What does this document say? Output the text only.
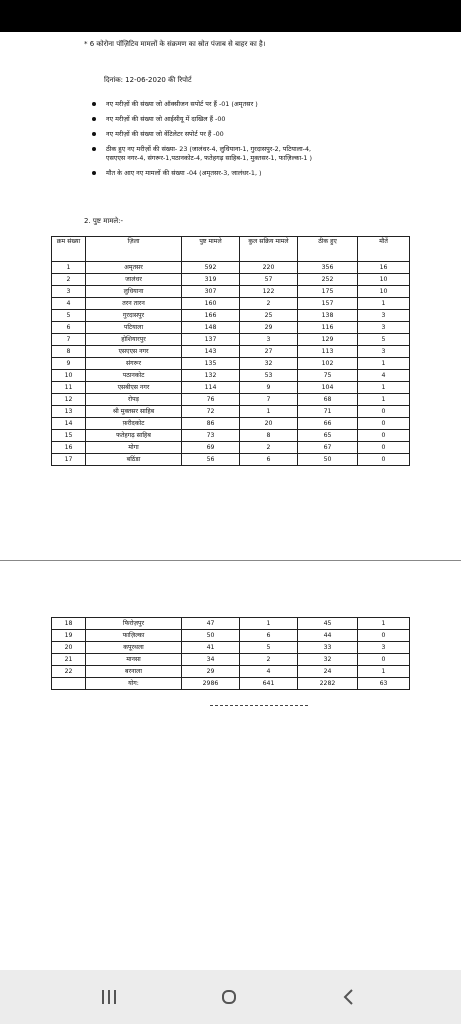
* 6 कोरोना पॉज़िटिव मामलों के संक्रमण का स्रोत पंजाब से बाहर का है।
दिनांक: 12-06-2020 की रिपोर्ट
नए मरीज़ों की संख्या जो ऑक्सीजन सपोर्ट पर हैं -01 (अमृतसर )
नए मरीज़ों की संख्या जो आईसीयू में दाखिल हैं -00
नए मरीज़ों की संख्या जो वेंटिलेटर सपोर्ट पर हैं -00
ठीक हुए नए मरीज़ों की संख्या- 23 (जालंधर-4, लुधियाना-1, गुरदासपुर-2, पटियाला-4,
एसएएस नगर-4, संगरूर-1,पठानकोट-4, फतेहगढ़ साहिब-1, मुक्तसर-1, फाज़िल्का-1 )
मौत के आए नए मामलों की संख्या -04 (अमृतसर-3, जालंधर-1, )
2. पुष्ट मामले:-
क्रम संख्या	ज़िला	पुष्ट मामले	कुल सक्रिय मामले	ठीक हुए	मौतें
1	अमृतसर	592	220	356	16
2	जालंधर	319	57	252	10
3	लुधियाना	307	122	175	10
4	तरन तारन	160	2	157	1
5	गुरदासपुर	166	25	138	3
6	पटियाला	148	29	116	3
7	होशियारपुर	137	3	129	5
8	एसएएस नगर	143	27	113	3
9	संगरूर	135	32	102	1
10	पठानकोट	132	53	75	4
11	एसबीएस नगर	114	9	104	1
12	रोपड़	76	7	68	1
13	श्री मुक्तसर साहिब	72	1	71	0
14	फ़रीदकोट	86	20	66	0
15	फतेहगढ़ साहिब	73	8	65	0
16	मोगा	69	2	67	0
17	बठिंडा	56	6	50	0
18	फिरोज़पुर	47	1	45	1
19	फाज़िल्का	50	6	44	0
20	कपूरथला	41	5	33	3
21	मानसा	34	2	32	0
22	बरनाला	29	4	24	1
	योग:	2986	641	2282	63
